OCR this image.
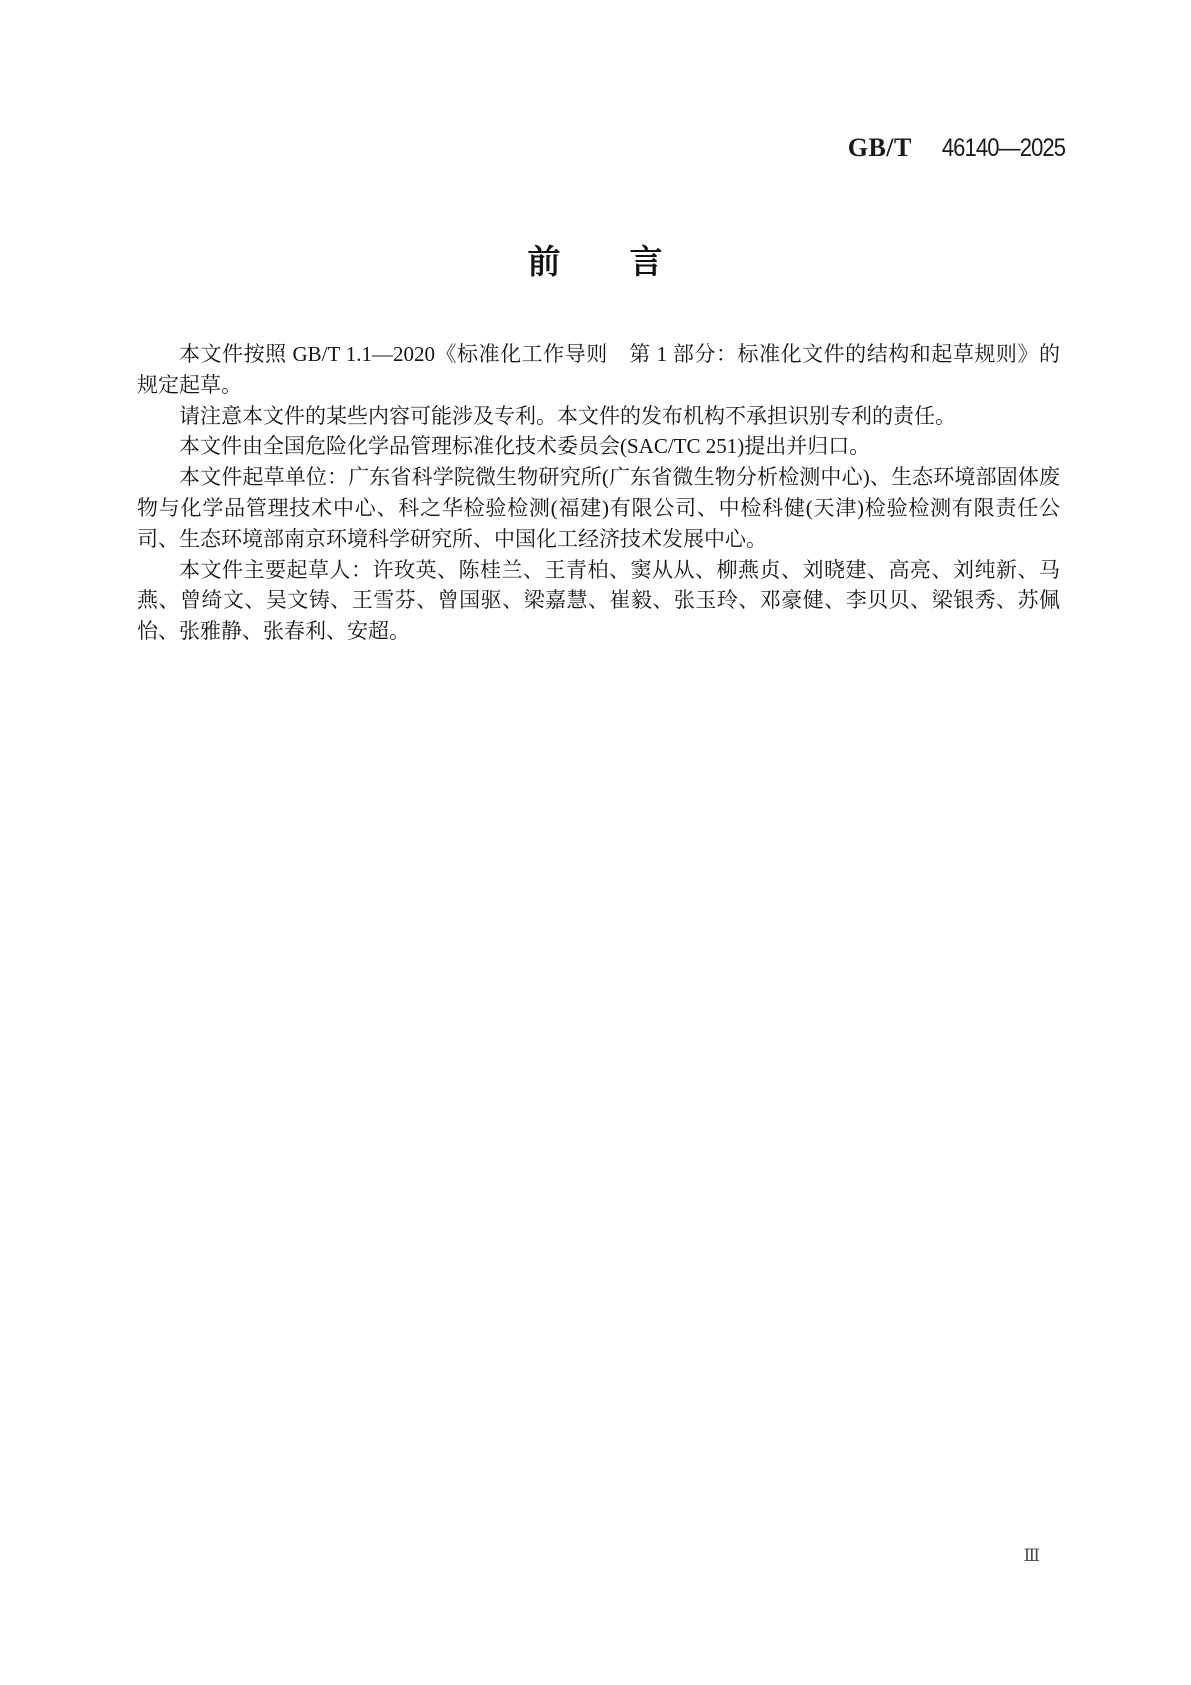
GB/T 46140—2025
前　　言

本文件按照 GB/T 1.1—2020《标准化工作导则　第 1 部分：标准化文件的结构和起草规则》的规定起草。

请注意本文件的某些内容可能涉及专利。本文件的发布机构不承担识别专利的责任。

本文件由全国危险化学品管理标准化技术委员会(SAC/TC 251)提出并归口。

本文件起草单位：广东省科学院微生物研究所(广东省微生物分析检测中心)、生态环境部固体废物与化学品管理技术中心、科之华检验检测(福建)有限公司、中检科健(天津)检验检测有限责任公司、生态环境部南京环境科学研究所、中国化工经济技术发展中心。

本文件主要起草人：许玫英、陈桂兰、王青柏、窦从从、柳燕贞、刘晓建、高亮、刘纯新、马燕、曾绮文、吴文铸、王雪芬、曾国驱、梁嘉慧、崔毅、张玉玲、邓豪健、李贝贝、梁银秀、苏佩怡、张雅静、张春利、安超。

Ⅲ
